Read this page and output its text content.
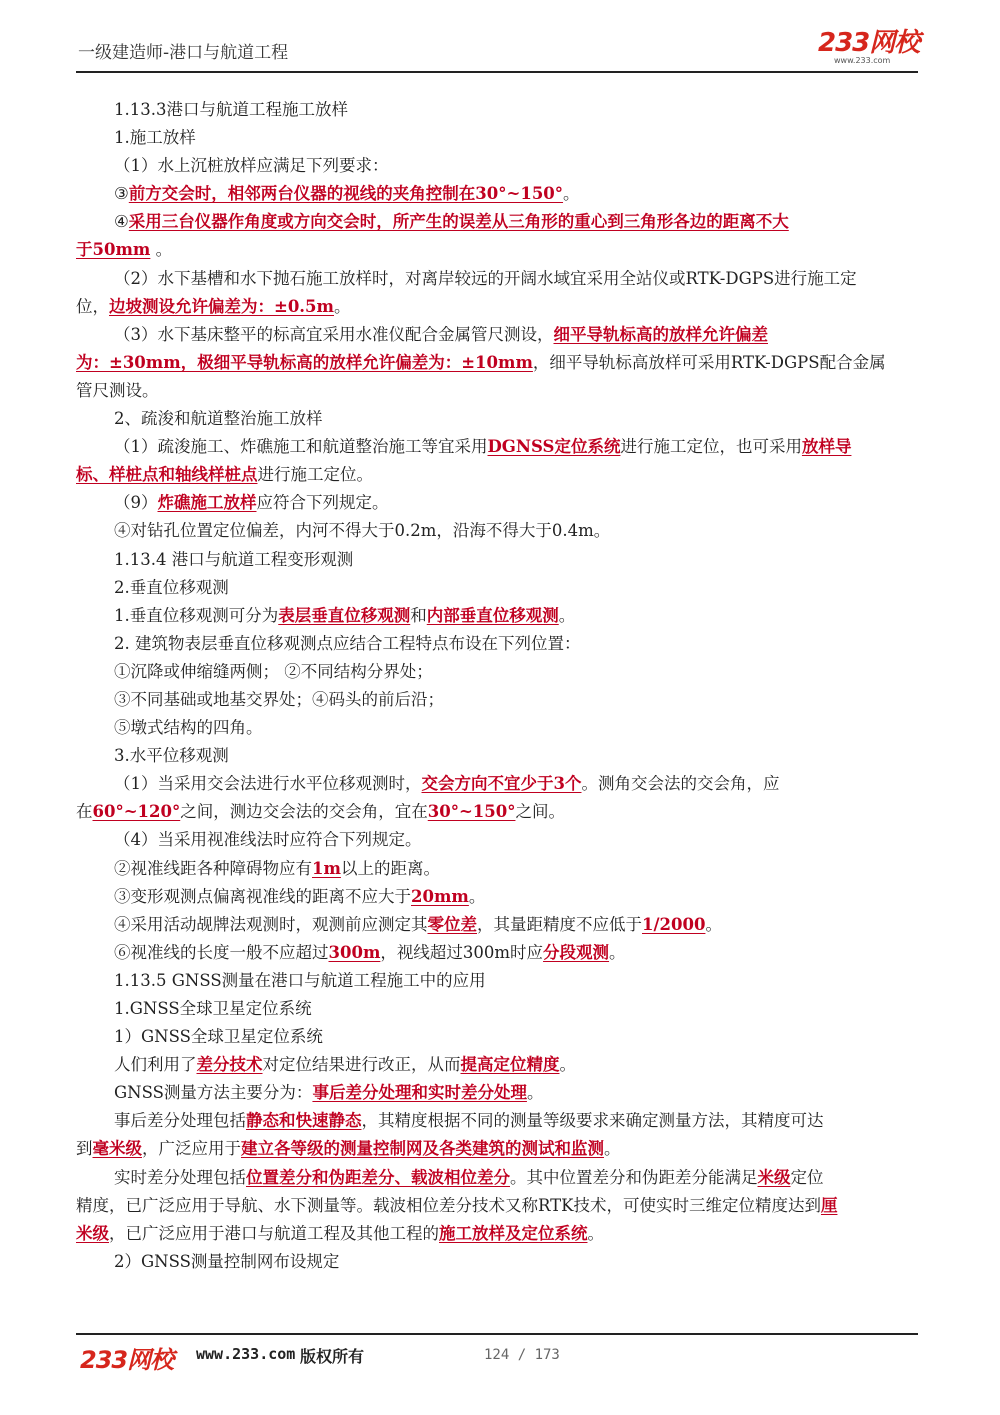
一级建造师-港口与航道工程	233网校
www.233.com
1.13.3港口与航道工程施工放样
1.施工放样
（1）水上沉桩放样应满足下列要求：
③前方交会时，相邻两台仪器的视线的夹角控制在30°~150°。
④采用三台仪器作角度或方向交会时，所产生的误差从三角形的重心到三角形各边的距离不大
于50mm 。
（2）水下基槽和水下抛石施工放样时，对离岸较远的开阔水域宜采用全站仪或RTK-DGPS进行施工定
位，边坡测设允许偏差为：±0.5m。
（3）水下基床整平的标高宜采用水准仪配合金属管尺测设，细平导轨标高的放样允许偏差
为：±30mm，极细平导轨标高的放样允许偏差为：±10mm，细平导轨标高放样可采用RTK-DGPS配合金属
管尺测设。
2、疏浚和航道整治施工放样
（1）疏浚施工、炸礁施工和航道整治施工等宜采用DGNSS定位系统进行施工定位，也可采用放样导
标、样桩点和轴线样桩点进行施工定位。
（9）炸礁施工放样应符合下列规定。
④对钻孔位置定位偏差，内河不得大于0.2m，沿海不得大于0.4m。
1.13.4 港口与航道工程变形观测
2.垂直位移观测
1.垂直位移观测可分为表层垂直位移观测和内部垂直位移观测。
2. 建筑物表层垂直位移观测点应结合工程特点布设在下列位置：
①沉降或伸缩缝两侧； ②不同结构分界处；
③不同基础或地基交界处；④码头的前后沿；
⑤墩式结构的四角。
3.水平位移观测
（1）当采用交会法进行水平位移观测时，交会方向不宜少于3个。测角交会法的交会角，应
在60°~120°之间，测边交会法的交会角，宜在30°~150°之间。
（4）当采用视准线法时应符合下列规定。
②视准线距各种障碍物应有1m以上的距离。
③变形观测点偏离视准线的距离不应大于20mm。
④采用活动觇牌法观测时，观测前应测定其零位差，其量距精度不应低于1/2000。
⑥视准线的长度一般不应超过300m，视线超过300m时应分段观测。
1.13.5 GNSS测量在港口与航道工程施工中的应用
1.GNSS全球卫星定位系统
1）GNSS全球卫星定位系统
人们利用了差分技术对定位结果进行改正，从而提高定位精度。
GNSS测量方法主要分为：事后差分处理和实时差分处理。
事后差分处理包括静态和快速静态，其精度根据不同的测量等级要求来确定测量方法，其精度可达
到毫米级，广泛应用于建立各等级的测量控制网及各类建筑的测试和监测。
实时差分处理包括位置差分和伪距差分、载波相位差分。其中位置差分和伪距差分能满足米级定位
精度，已广泛应用于导航、水下测量等。载波相位差分技术又称RTK技术，可使实时三维定位精度达到厘
米级，已广泛应用于港口与航道工程及其他工程的施工放样及定位系统。
2）GNSS测量控制网布设规定
233网校 www.233.com 版权所有	124 / 173
